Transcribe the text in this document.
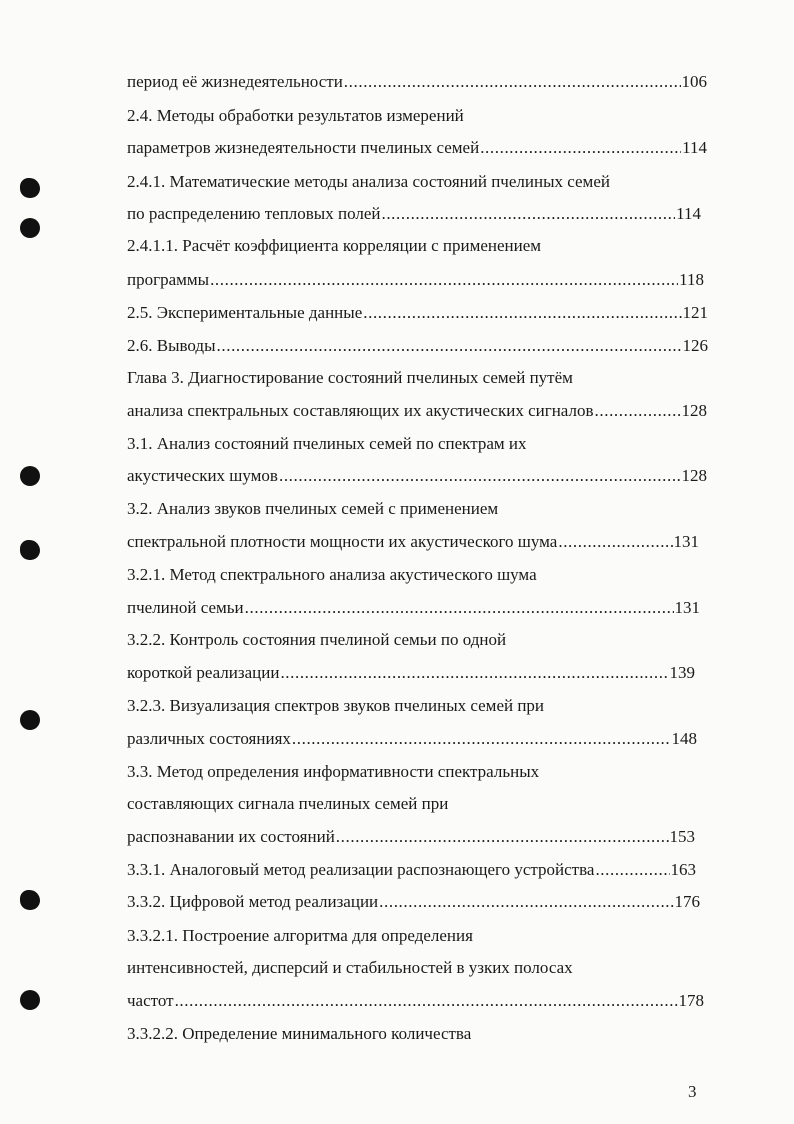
период её жизнедеятельности .....	106
2.4. Методы обработки результатов измерений
параметров жизнедеятельности пчелиных семей .....	114
2.4.1. Математические методы анализа состояний пчелиных семей
по распределению тепловых полей .....	114
2.4.1.1. Расчёт коэффициента корреляции с применением
программы .....	118
2.5. Экспериментальные данные .....	121
2.6. Выводы .....	126
Глава 3. Диагностирование состояний пчелиных семей путём
анализа спектральных составляющих их акустических сигналов .....	128
3.1. Анализ состояний пчелиных семей по спектрам их
акустических шумов .....	128
3.2. Анализ звуков пчелиных семей с применением
спектральной плотности мощности их акустического шума .....	131
3.2.1. Метод спектрального анализа акустического шума
пчелиной семьи .....	131
3.2.2. Контроль состояния пчелиной семьи по одной
короткой реализации .....	139
3.2.3. Визуализация спектров звуков пчелиных семей при
различных состояниях .....	148
3.3. Метод определения информативности спектральных
составляющих сигнала пчелиных семей при
распознавании их состояний .....	153
3.3.1. Аналоговый метод реализации распознающего устройства .....	163
3.3.2. Цифровой метод реализации .....	176
3.3.2.1. Построение алгоритма для определения
интенсивностей, дисперсий и стабильностей в узких полосах
частот .....	178
3.3.2.2. Определение минимального количества
3
